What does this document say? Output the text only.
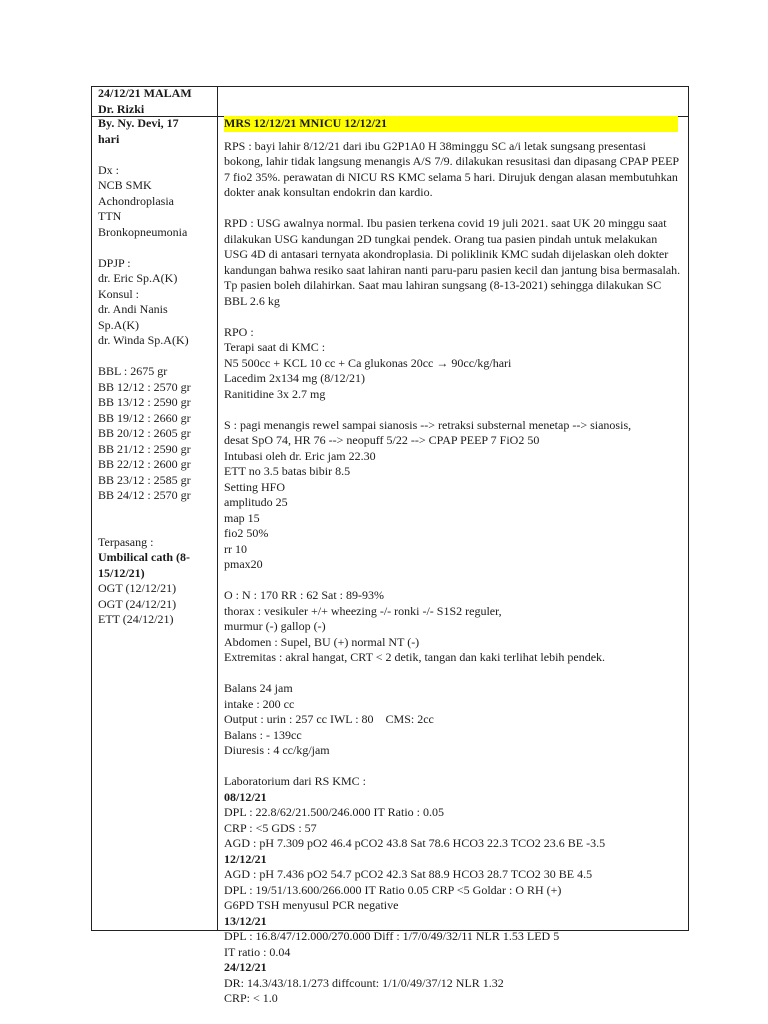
24/12/21 MALAM
Dr. Rizki
By. Ny. Devi, 17
hari
Dx :
NCB SMK
Achondroplasia
TTN
Bronkopneumonia
DPJP :
dr. Eric Sp.A(K)
Konsul :
dr. Andi Nanis
Sp.A(K)
dr. Winda Sp.A(K)
BBL : 2675 gr
BB 12/12 : 2570 gr
BB 13/12 : 2590 gr
BB 19/12 : 2660 gr
BB 20/12 : 2605 gr
BB 21/12 : 2590 gr
BB 22/12 : 2600 gr
BB 23/12 : 2585 gr
BB 24/12 : 2570 gr
Terpasang :
Umbilical cath (8-
15/12/21)
OGT (12/12/21)
OGT (24/12/21)
ETT (24/12/21)
MRS 12/12/21 MNICU 12/12/21
RPS : bayi lahir 8/12/21 dari ibu G2P1A0 H 38minggu SC a/i letak sungsang presentasi bokong, lahir tidak langsung menangis A/S 7/9. dilakukan resusitasi dan dipasang CPAP PEEP 7 fio2 35%. perawatan di NICU RS KMC selama 5 hari. Dirujuk dengan alasan membutuhkan dokter anak konsultan endokrin dan kardio.
RPD : USG awalnya normal. Ibu pasien terkena covid 19 juli 2021. saat UK 20 minggu saat dilakukan USG kandungan 2D tungkai pendek. Orang tua pasien pindah untuk melakukan USG 4D di antasari ternyata akondroplasia. Di poliklinik KMC sudah dijelaskan oleh dokter kandungan bahwa resiko saat lahiran nanti paru-paru pasien kecil dan jantung bisa bermasalah. Tp pasien boleh dilahirkan. Saat mau lahiran sungsang (8-13-2021) sehingga dilakukan SC BBL 2.6 kg
RPO :
Terapi saat di KMC :
N5 500cc + KCL 10 cc + Ca glukonas 20cc → 90cc/kg/hari
Lacedim 2x134 mg (8/12/21)
Ranitidine 3x 2.7 mg
S : pagi menangis rewel sampai sianosis --> retraksi substernal menetap --> sianosis,
desat SpO 74, HR 76 --> neopuff 5/22 --> CPAP PEEP 7 FiO2 50
Intubasi oleh dr. Eric jam 22.30
ETT no 3.5 batas bibir 8.5
Setting HFO
amplitudo 25
map 15
fio2 50%
rr 10
pmax20
O : N : 170 RR : 62 Sat : 89-93%
thorax : vesikuler +/+ wheezing -/- ronki -/- S1S2 reguler,
murmur (-) gallop (-)
Abdomen : Supel, BU (+) normal NT (-)
Extremitas : akral hangat, CRT < 2 detik, tangan dan kaki terlihat lebih pendek.
Balans 24 jam
intake : 200 cc
Output : urin : 257 cc IWL : 80    CMS: 2cc
Balans : - 139cc
Diuresis : 4 cc/kg/jam
Laboratorium dari RS KMC :
08/12/21
DPL : 22.8/62/21.500/246.000 IT Ratio : 0.05
CRP : <5 GDS : 57
AGD : pH 7.309 pO2 46.4 pCO2 43.8 Sat 78.6 HCO3 22.3 TCO2 23.6 BE -3.5
12/12/21
AGD : pH 7.436 pO2 54.7 pCO2 42.3 Sat 88.9 HCO3 28.7 TCO2 30 BE 4.5
DPL : 19/51/13.600/266.000 IT Ratio 0.05 CRP <5 Goldar : O RH (+)
G6PD TSH menyusul PCR negative
13/12/21
DPL : 16.8/47/12.000/270.000 Diff : 1/7/0/49/32/11 NLR 1.53 LED 5
IT ratio : 0.04
24/12/21
DR: 14.3/43/18.1/273 diffcount: 1/1/0/49/37/12 NLR 1.32
CRP: < 1.0
